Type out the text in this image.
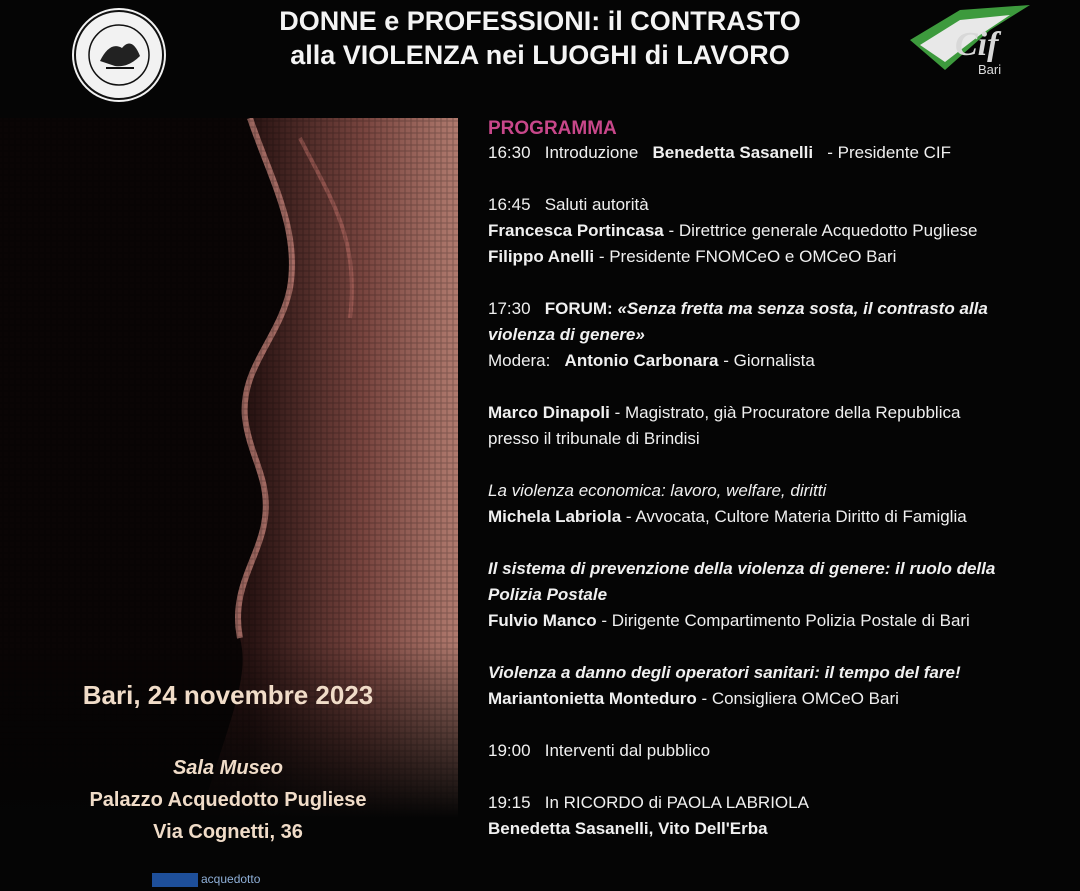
DONNE e PROFESSIONI: il CONTRASTO
alla VIOLENZA nei LUOGHI di LAVORO	Cif
Bari
PROGRAMMA
16:30 Introduzione Benedetta Sasanelli - Presidente CIF
16:45 Saluti autorità
Francesca Portincasa - Direttrice generale Acquedotto Pugliese
Filippo Anelli - Presidente FNOMCeO e OMCeO Bari
17:30 FORUM: «Senza fretta ma senza sosta, il contrasto alla
violenza di genere»
Modera: Antonio Carbonara - Giornalista
Marco Dinapoli - Magistrato, già Procuratore della Repubblica
presso il tribunale di Brindisi
La violenza economica: lavoro, welfare, diritti
Michela Labriola - Avvocata, Cultore Materia Diritto di Famiglia
Il sistema di prevenzione della violenza di genere: il ruolo della
Polizia Postale
Fulvio Manco - Dirigente Compartimento Polizia Postale di Bari
Violenza a danno degli operatori sanitari: il tempo del fare!
Mariantonietta Monteduro - Consigliera OMCeO Bari
19:00 Interventi dal pubblico
19:15 In RICORDO di PAOLA LABRIOLA
Benedetta Sasanelli, Vito Dell'Erba
Bari, 24 novembre 2023
Sala Museo
Palazzo Acquedotto Pugliese
Via Cognetti, 36
acquedotto
